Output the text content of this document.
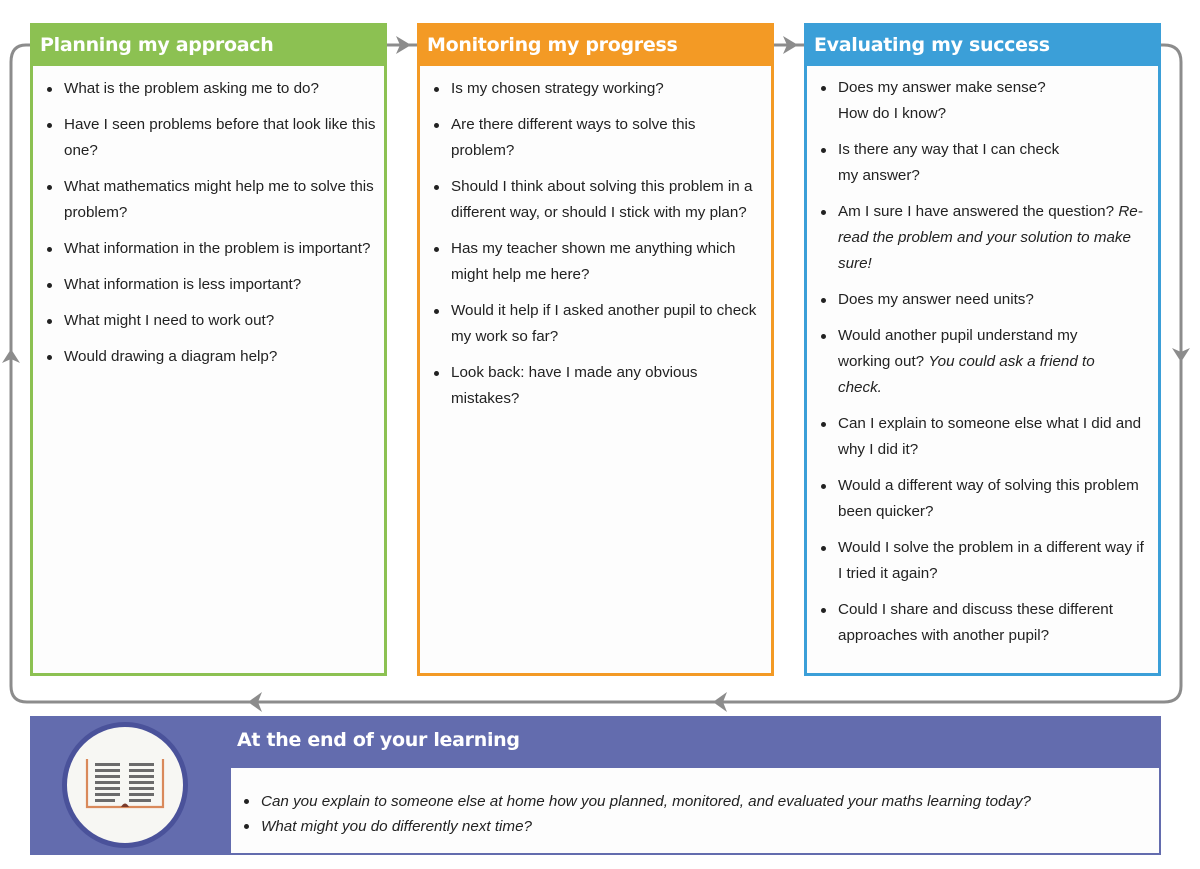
Planning my approach
What is the problem asking me to do?
Have I seen problems before that look like this one?
What mathematics might help me to solve this problem?
What information in the problem is important?
What information is less important?
What might I need to work out?
Would drawing a diagram help?
Monitoring my progress
Is my chosen strategy working?
Are there different ways to solve this problem?
Should I think about solving this problem in a different way, or should I stick with my plan?
Has my teacher shown me anything which might help me here?
Would it help if I asked another pupil to check my work so far?
Look back: have I made any obvious mistakes?
Evaluating my success
Does my answer make sense?
How do I know?
Is there any way that I can check
my answer?
Am I sure I have answered the question? Re-read the problem and your solution to make sure!
Does my answer need units?
Would another pupil understand my working out? You could ask a friend to check.
Can I explain to someone else what I did and why I did it?
Would a different way of solving this problem been quicker?
Would I solve the problem in a different way if I tried it again?
Could I share and discuss these different approaches with another pupil?
At the end of your learning
Can you explain to someone else at home how you planned, monitored, and evaluated your maths learning today?
What might you do differently next time?
